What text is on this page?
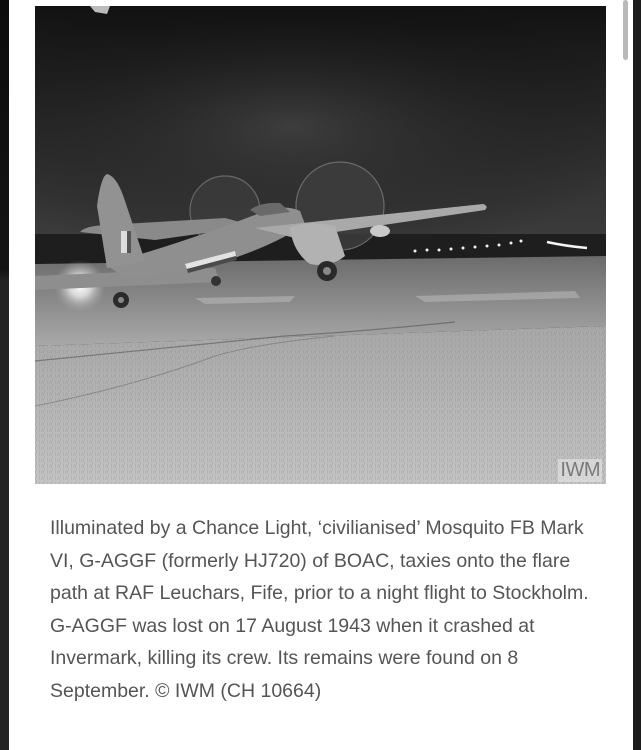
IWM

Illuminated by a Chance Light, ‘civilianised’ Mosquito FB Mark VI, G-AGGF (formerly HJ720) of BOAC, taxies onto the flare path at RAF Leuchars, Fife, prior to a night flight to Stockholm. G-AGGF was lost on 17 August 1943 when it crashed at Invermark, killing its crew. Its remains were found on 8 September. © IWM (CH 10664)
